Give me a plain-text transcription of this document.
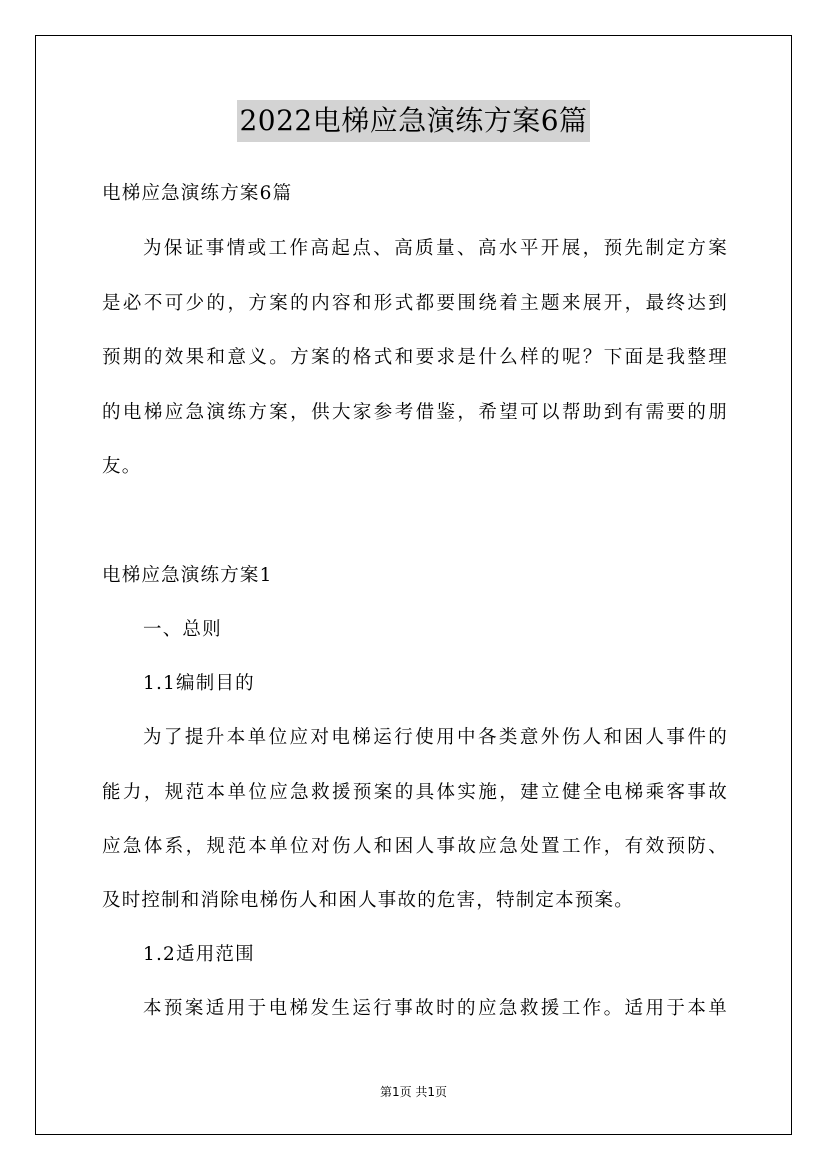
2022电梯应急演练方案6篇
电梯应急演练方案6篇
为保证事情或工作高起点、高质量、高水平开展，预先制定方案
是必不可少的，方案的内容和形式都要围绕着主题来展开，最终达到
预期的效果和意义。方案的格式和要求是什么样的呢？下面是我整理
的电梯应急演练方案，供大家参考借鉴，希望可以帮助到有需要的朋
友。
电梯应急演练方案1
一、总则
1.1编制目的
为了提升本单位应对电梯运行使用中各类意外伤人和困人事件的
能力，规范本单位应急救援预案的具体实施，建立健全电梯乘客事故
应急体系，规范本单位对伤人和困人事故应急处置工作，有效预防、
及时控制和消除电梯伤人和困人事故的危害，特制定本预案。
1.2适用范围
本预案适用于电梯发生运行事故时的应急救援工作。适用于本单
第1页 共1页
